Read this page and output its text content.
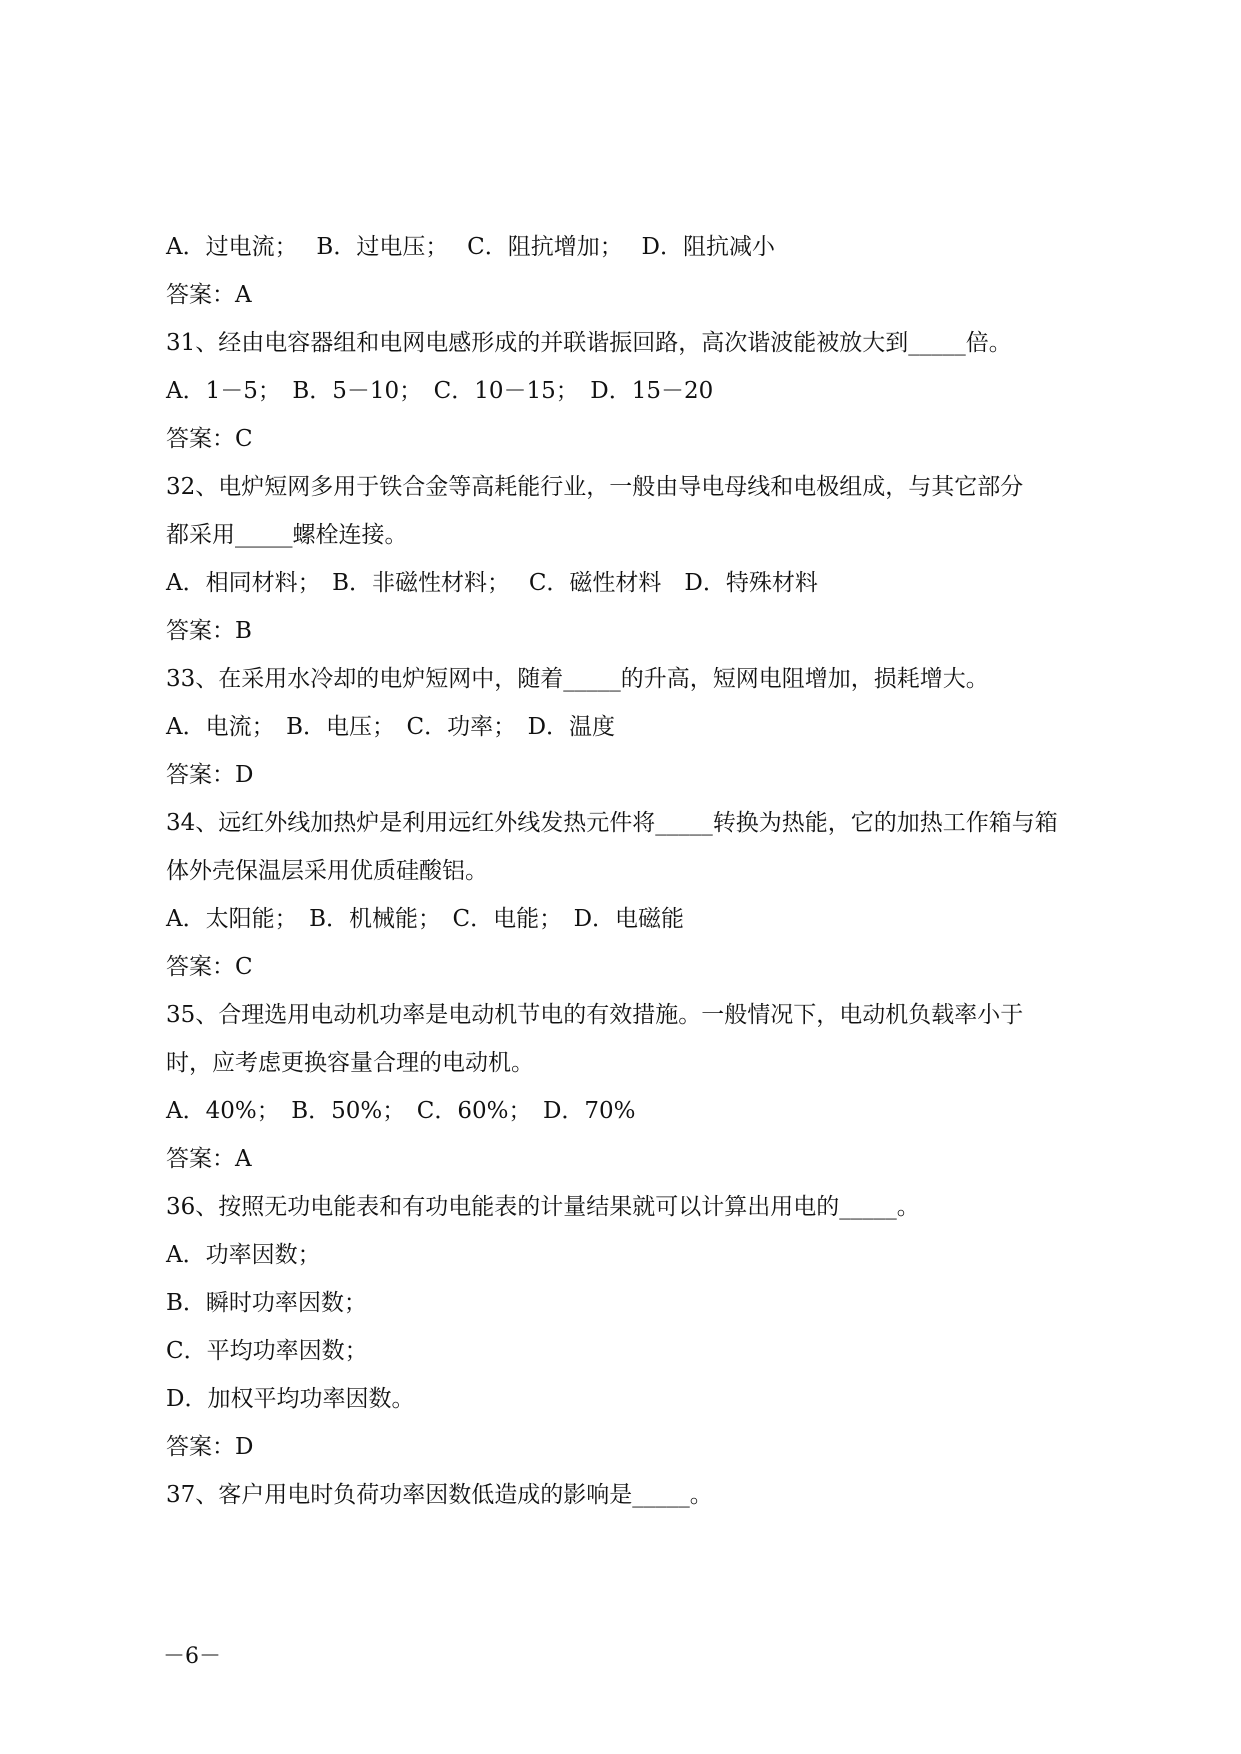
A．过电流；　 B．过电压；　 C．阻抗增加；　 D．阻抗减小
答案：A
31、经由电容器组和电网电感形成的并联谐振回路，高次谐波能被放大到_____倍。
A．1－5；　B．5－10；　C．10－15；　D．15－20
答案：C
32、电炉短网多用于铁合金等高耗能行业，一般由导电母线和电极组成，与其它部分
都采用_____螺栓连接。
A．相同材料；　B．非磁性材料；　 C．磁性材料　D．特殊材料
答案：B
33、在采用水冷却的电炉短网中，随着_____的升高，短网电阻增加，损耗增大。
A．电流；　B．电压；　C．功率；　D．温度
答案：D
34、远红外线加热炉是利用远红外线发热元件将_____转换为热能，它的加热工作箱与箱
体外壳保温层采用优质硅酸铝。
A．太阳能；　B．机械能；　C．电能；　D．电磁能
答案：C
35、合理选用电动机功率是电动机节电的有效措施。一般情况下，电动机负载率小于
时，应考虑更换容量合理的电动机。
A．40%；　B．50%；　C．60%；　D．70%
答案：A
36、按照无功电能表和有功电能表的计量结果就可以计算出用电的_____。
A．功率因数；
B．瞬时功率因数；
C．平均功率因数；
D．加权平均功率因数。
答案：D
37、客户用电时负荷功率因数低造成的影响是_____。
－6－
